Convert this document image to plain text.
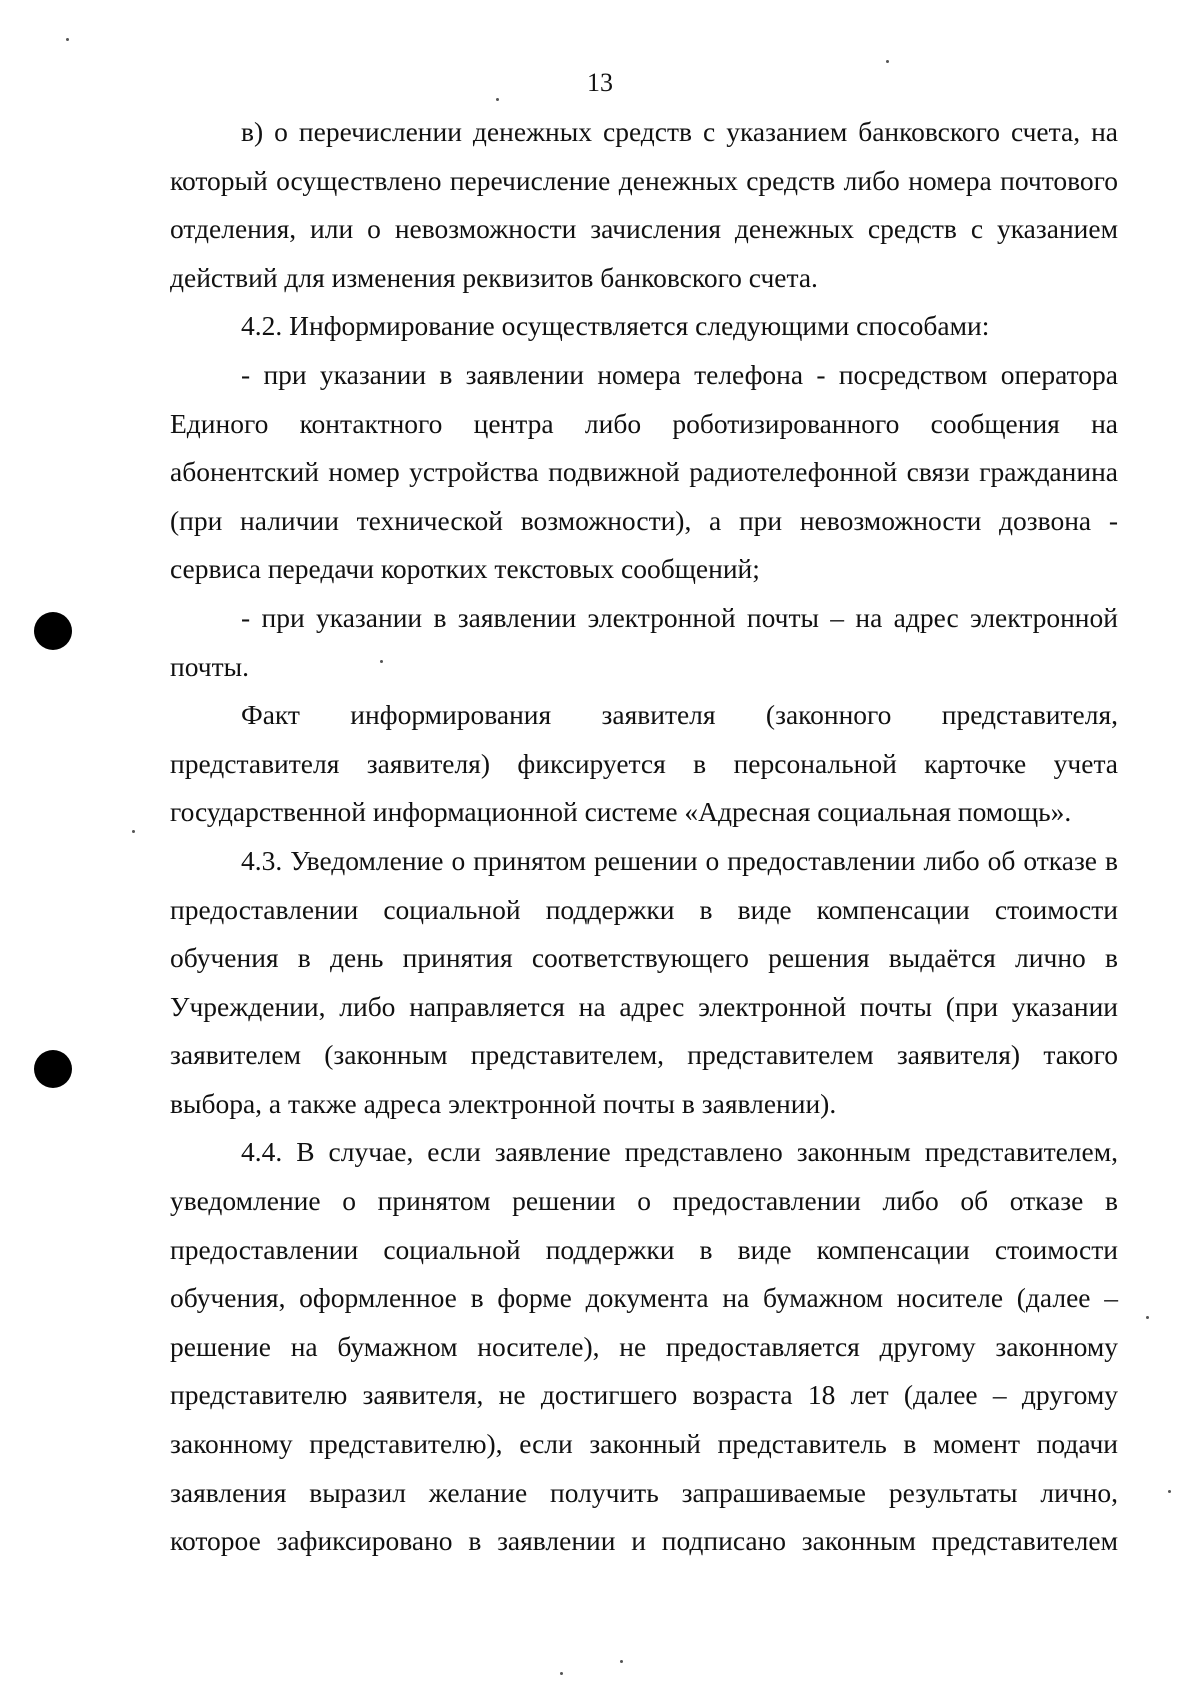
13

в) о перечислении денежных средств с указанием банковского счета, на который осуществлено перечисление денежных средств либо номера почтового отделения, или о невозможности зачисления денежных средств с указанием действий для изменения реквизитов банковского счета.

4.2. Информирование осуществляется следующими способами:

- при указании в заявлении номера телефона - посредством оператора Единого контактного центра либо роботизированного сообщения на абонентский номер устройства подвижной радиотелефонной связи гражданина (при наличии технической возможности), а при невозможности дозвона - сервиса передачи коротких текстовых сообщений;

- при указании в заявлении электронной почты – на адрес электронной почты.

Факт информирования заявителя (законного представителя, представителя заявителя) фиксируется в персональной карточке учета государственной информационной системе «Адресная социальная помощь».

4.3. Уведомление о принятом решении о предоставлении либо об отказе в предоставлении социальной поддержки в виде компенсации стоимости обучения в день принятия соответствующего решения выдаётся лично в Учреждении, либо направляется на адрес электронной почты (при указании заявителем (законным представителем, представителем заявителя) такого выбора, а также адреса электронной почты в заявлении).

4.4. В случае, если заявление представлено законным представителем, уведомление о принятом решении о предоставлении либо об отказе в предоставлении социальной поддержки в виде компенсации стоимости обучения, оформленное в форме документа на бумажном носителе (далее – решение на бумажном носителе), не предоставляется другому законному представителю заявителя, не достигшего возраста 18 лет (далее – другому законному представителю), если законный представитель в момент подачи заявления выразил желание получить запрашиваемые результаты лично, которое зафиксировано в заявлении и подписано законным представителем
